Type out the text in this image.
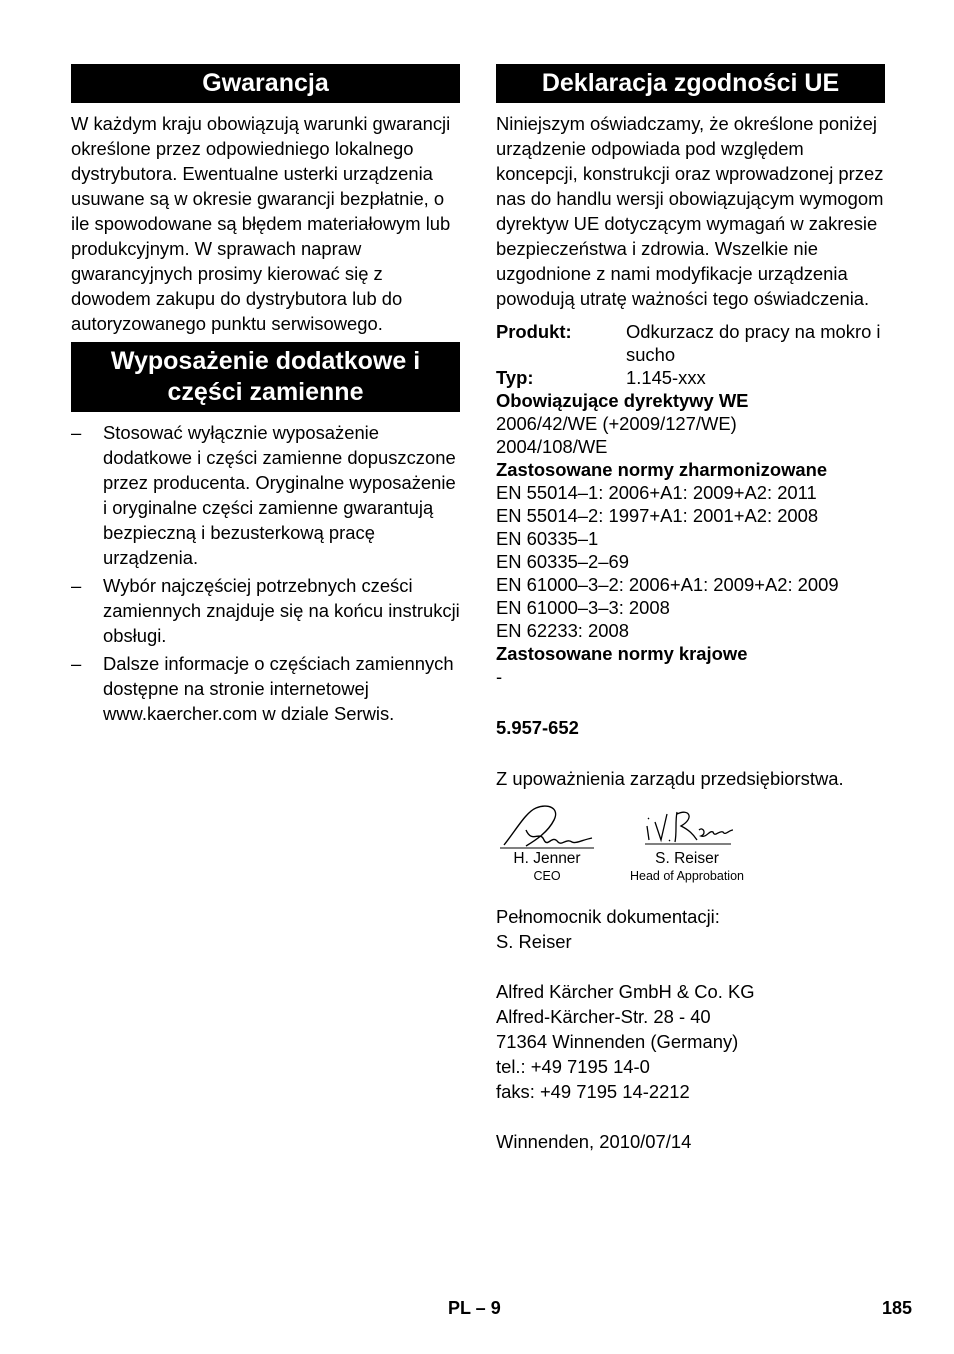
Gwarancja

W każdym kraju obowiązują warunki gwarancji określone przez odpowiedniego lokalnego dystrybutora. Ewentualne usterki urządzenia usuwane są w okresie gwarancji bezpłatnie, o ile spowodowane są błędem materiałowym lub produkcyjnym. W sprawach napraw gwarancyjnych prosimy kierować się z dowodem zakupu do dystrybutora lub do autoryzowanego punktu serwisowego.

Wyposażenie dodatkowe i części zamienne
– Stosować wyłącznie wyposażenie dodatkowe i części zamienne dopuszczone przez producenta. Oryginalne wyposażenie i oryginalne części zamienne gwarantują bezpieczną i bezusterkową pracę urządzenia.
– Wybór najczęściej potrzebnych cześci zamiennych znajduje się na końcu instrukcji obsługi.
– Dalsze informacje o częściach zamiennych dostępne na stronie internetowej www.kaercher.com w dziale Serwis.
Deklaracja zgodności UE

Niniejszym oświadczamy, że określone poniżej urządzenie odpowiada pod względem koncepcji, konstrukcji oraz wprowadzonej przez nas do handlu wersji obowiązującym wymogom dyrektyw UE dotyczącym wymagań w zakresie bezpieczeństwa i zdrowia. Wszelkie nie uzgodnione z nami modyfikacje urządzenia powodują utratę ważności tego oświadczenia.

Produkt:	Odkurzacz do pracy na mokro i sucho
Typ:	1.145-xxx
Obowiązujące dyrektywy WE
2006/42/WE (+2009/127/WE)
2004/108/WE
Zastosowane normy zharmonizowane
EN 55014–1: 2006+A1: 2009+A2: 2011
EN 55014–2: 1997+A1: 2001+A2: 2008
EN 60335–1
EN 60335–2–69
EN 61000–3–2: 2006+A1: 2009+A2: 2009
EN 61000–3–3: 2008
EN 62233: 2008
Zastosowane normy krajowe
-
5.957-652
Z upoważnienia zarządu przedsiębiorstwa.
H. Jenner
CEO
S. Reiser
Head of Approbation
Pełnomocnik dokumentacji:
S. Reiser
Alfred Kärcher GmbH & Co. KG
Alfred-Kärcher-Str. 28 - 40
71364 Winnenden (Germany)
tel.: +49 7195 14-0
faks: +49 7195 14-2212
Winnenden, 2010/07/14
PL – 9	185
